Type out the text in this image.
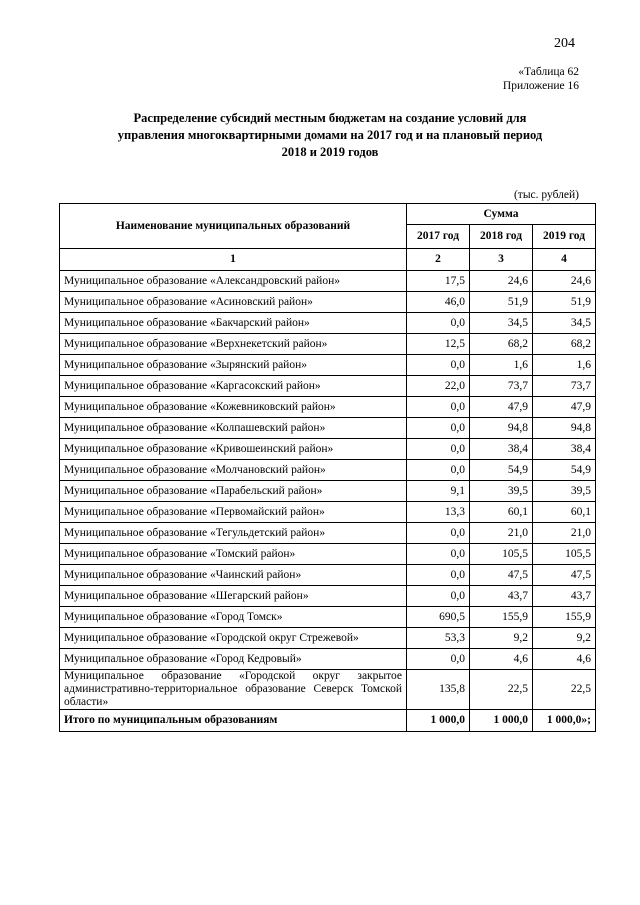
204
«Таблица 62
Приложение 16
Распределение субсидий местным бюджетам на создание условий для
управления многоквартирными домами на 2017 год и на плановый период
2018 и 2019 годов
(тыс. рублей)
Наименование муниципальных образований	Сумма		
	2017 год	2018 год	2019 год
1	2	3	4
Муниципальное образование «Александровский район»	17,5	24,6	24,6
Муниципальное образование «Асиновский район»	46,0	51,9	51,9
Муниципальное образование «Бакчарский район»	0,0	34,5	34,5
Муниципальное образование «Верхнекетский район»	12,5	68,2	68,2
Муниципальное образование «Зырянский район»	0,0	1,6	1,6
Муниципальное образование «Каргасокский район»	22,0	73,7	73,7
Муниципальное образование «Кожевниковский район»	0,0	47,9	47,9
Муниципальное образование «Колпашевский район»	0,0	94,8	94,8
Муниципальное образование «Кривошеинский район»	0,0	38,4	38,4
Муниципальное образование «Молчановский район»	0,0	54,9	54,9
Муниципальное образование «Парабельский район»	9,1	39,5	39,5
Муниципальное образование «Первомайский район»	13,3	60,1	60,1
Муниципальное образование «Тегульдетский район»	0,0	21,0	21,0
Муниципальное образование «Томский район»	0,0	105,5	105,5
Муниципальное образование «Чаинский район»	0,0	47,5	47,5
Муниципальное образование «Шегарский район»	0,0	43,7	43,7
Муниципальное образование «Город Томск»	690,5	155,9	155,9
Муниципальное образование «Городской округ Стрежевой»	53,3	9,2	9,2
Муниципальное образование «Город Кедровый»	0,0	4,6	4,6
Муниципальное образование «Городской округ закрытое административно-территориальное образование Северск Томской области»	135,8	22,5	22,5
Итого по муниципальным образованиям	1 000,0	1 000,0	1 000,0»;
